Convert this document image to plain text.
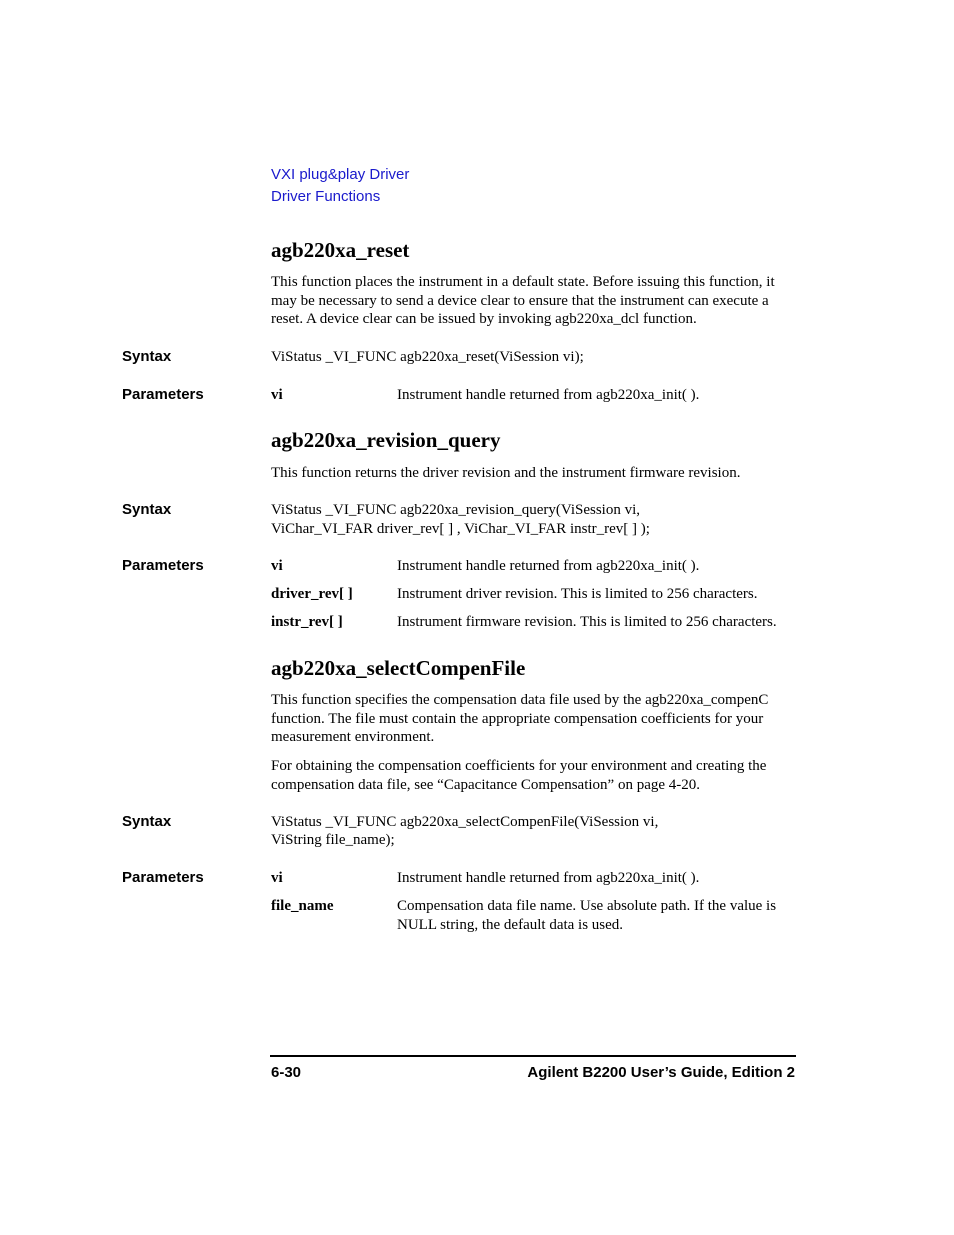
VXI plug&play Driver
Driver Functions
agb220xa_reset
This function places the instrument in a default state. Before issuing this function, it may be necessary to send a device clear to ensure that the instrument can execute a reset. A device clear can be issued by invoking agb220xa_dcl function.
Syntax	ViStatus _VI_FUNC agb220xa_reset(ViSession vi);
Parameters	vi	Instrument handle returned from agb220xa_init( ).
agb220xa_revision_query
This function returns the driver revision and the instrument firmware revision.
Syntax	ViStatus _VI_FUNC agb220xa_revision_query(ViSession vi,
ViChar_VI_FAR driver_rev[ ] , ViChar_VI_FAR instr_rev[ ] );
Parameters	vi	Instrument handle returned from agb220xa_init( ).
driver_rev[ ]	Instrument driver revision. This is limited to 256 characters.
instr_rev[ ]	Instrument firmware revision. This is limited to 256 characters.
agb220xa_selectCompenFile
This function specifies the compensation data file used by the agb220xa_compenC function. The file must contain the appropriate compensation coefficients for your measurement environment.
For obtaining the compensation coefficients for your environment and creating the compensation data file, see “Capacitance Compensation” on page 4-20.
Syntax	ViStatus _VI_FUNC agb220xa_selectCompenFile(ViSession vi,
ViString file_name);
Parameters	vi	Instrument handle returned from agb220xa_init( ).
file_name	Compensation data file name. Use absolute path. If the value is NULL string, the default data is used.
6-30	Agilent B2200 User’s Guide, Edition 2
